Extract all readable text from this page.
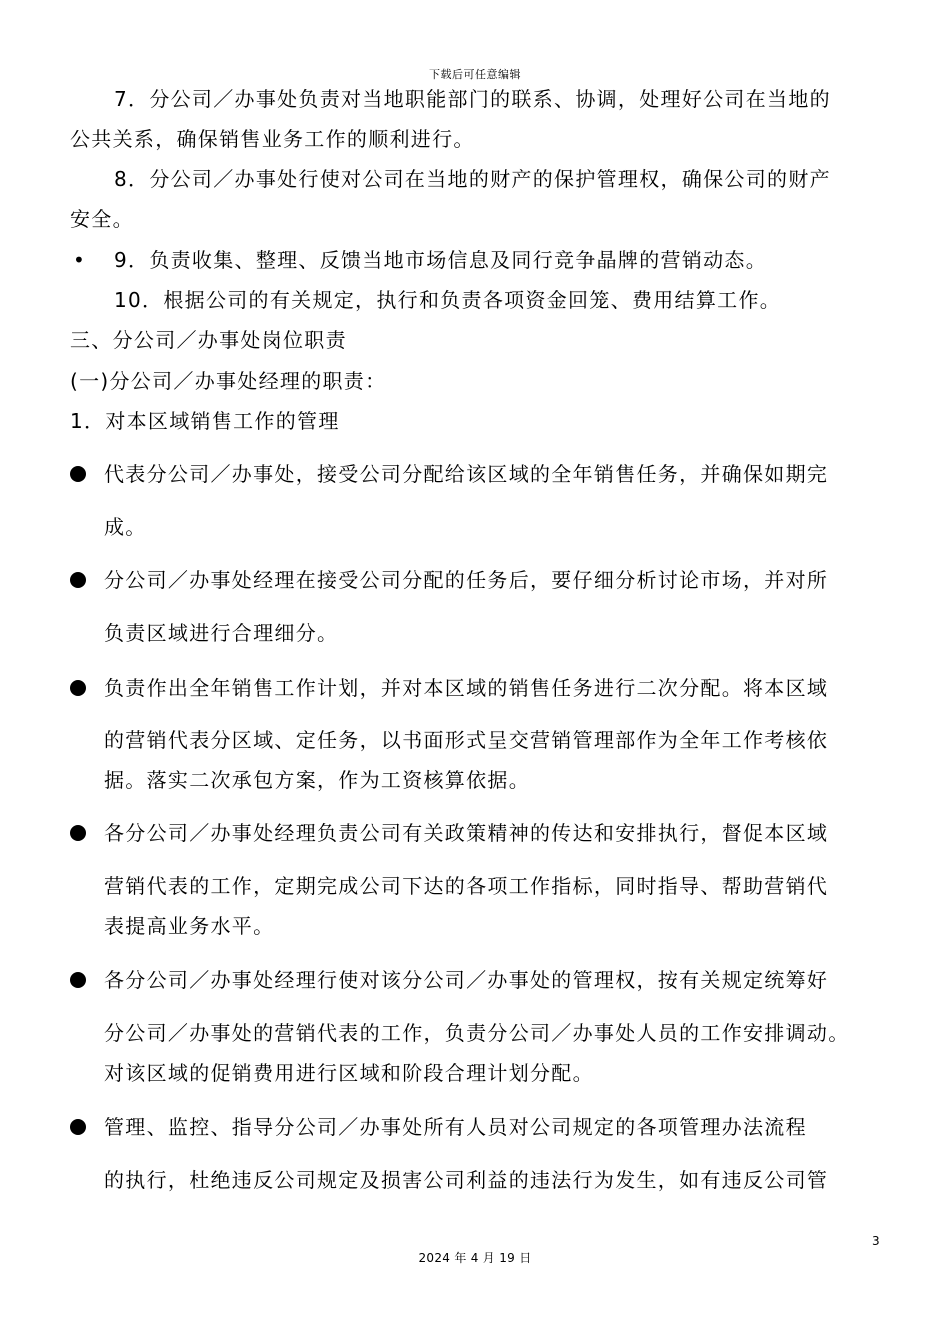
下载后可任意编辑
7．分公司／办事处负责对当地职能部门的联系、协调，处理好公司在当地的
公共关系，确保销售业务工作的顺利进行。
8．分公司／办事处行使对公司在当地的财产的保护管理权，确保公司的财产
安全。
• 9．负责收集、整理、反馈当地市场信息及同行竞争晶牌的营销动态。
10．根据公司的有关规定，执行和负责各项资金回笼、费用结算工作。
三、分公司／办事处岗位职责
(一)分公司／办事处经理的职责：
1．对本区域销售工作的管理
代表分公司／办事处，接受公司分配给该区域的全年销售任务，并确保如期完
成。
分公司／办事处经理在接受公司分配的任务后，要仔细分析讨论市场，并对所
负责区域进行合理细分。
负责作出全年销售工作计划，并对本区域的销售任务进行二次分配。将本区域
的营销代表分区域、定任务，以书面形式呈交营销管理部作为全年工作考核依
据。落实二次承包方案，作为工资核算依据。
各分公司／办事处经理负责公司有关政策精神的传达和安排执行，督促本区域
营销代表的工作，定期完成公司下达的各项工作指标，同时指导、帮助营销代
表提高业务水平。
各分公司／办事处经理行使对该分公司／办事处的管理权，按有关规定统筹好
分公司／办事处的营销代表的工作，负责分公司／办事处人员的工作安排调动。
对该区域的促销费用进行区域和阶段合理计划分配。
管理、监控、指导分公司／办事处所有人员对公司规定的各项管理办法流程
的执行，杜绝违反公司规定及损害公司利益的违法行为发生，如有违反公司管
3
2024 年 4 月 19 日
